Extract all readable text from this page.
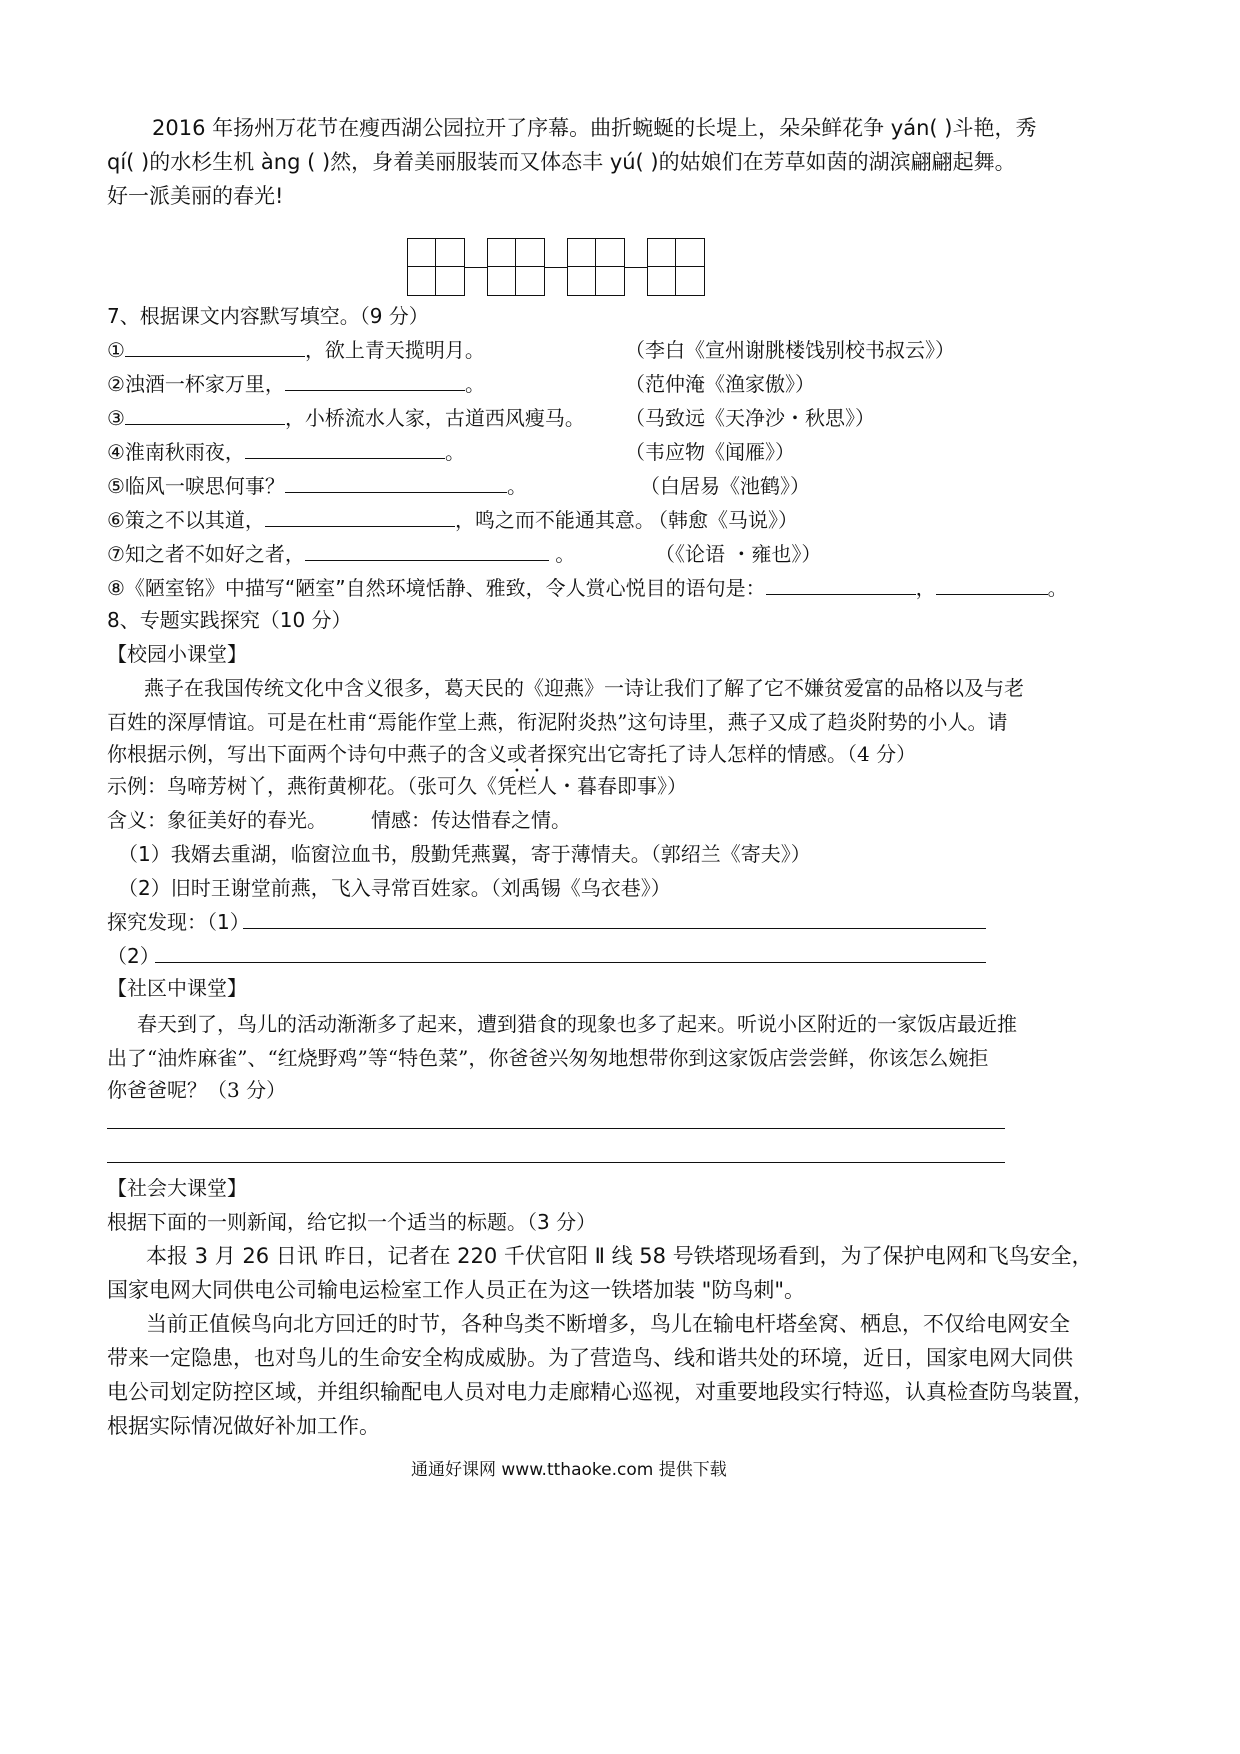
2016 年扬州万花节在瘦西湖公园拉开了序幕。曲折蜿蜒的长堤上，朵朵鲜花争 yán( )斗艳，秀
qí( )的水杉生机 àng ( )然，身着美丽服装而又体态丰 yú( )的姑娘们在芳草如茵的湖滨翩翩起舞。
好一派美丽的春光!
7、根据课文内容默写填空。（9 分）
①	，欲上青天揽明月。	（李白《宣州谢朓楼饯别校书叔云》）
②浊酒一杯家万里，	。	（范仲淹《渔家傲》）
③	，小桥流水人家，古道西风瘦马。 （马致远《天净沙・秋思》）
④淮南秋雨夜，	。	（韦应物《闻雁》）
⑤临风一唳思何事？	。	（白居易《池鹤》）
⑥策之不以其道，	，鸣之而不能通其意。
（韩愈《马说》）
⑦知之者不如好之者，	。	（《论语 ・雍也》）
⑧《陋室铭》中描写“陋室”自然环境恬静、雅致，令人赏心悦目的语句是：	，	。
8、专题实践探究（10 分）
【校园小课堂】
燕子在我国传统文化中含义很多，葛天民的《迎燕》一诗让我们了解了它不嫌贫爱富的品格以及与老
百姓的深厚情谊。可是在杜甫“焉能作堂上燕，衔泥附炎热”这句诗里，燕子又成了趋炎附势的小人。请
你根据示例，写出下面两个诗句中燕子的含义或者探究出它寄托了诗人怎样的情感。（4 分）
示例：鸟啼芳树丫，燕衔黄柳花。（张可久《凭栏人・暮春即事》）
含义：象征美好的春光。 情感：传达惜春之情。
（1）我婿去重湖，临窗泣血书，殷勤凭燕翼，寄于薄情夫。（郭绍兰《寄夫》）
（2）旧时王谢堂前燕，飞入寻常百姓家。（刘禹锡《乌衣巷》）
探究发现：（1）
（2）
【社区中课堂】
春天到了，鸟儿的活动渐渐多了起来，遭到猎食的现象也多了起来。听说小区附近的一家饭店最近推
出了“油炸麻雀”、“红烧野鸡”等“特色菜”，你爸爸兴匆匆地想带你到这家饭店尝尝鲜，你该怎么婉拒
你爸爸呢？（3 分）
【社会大课堂】
根据下面的一则新闻，给它拟一个适当的标题。（3 分）
本报 3 月 26 日讯 昨日，记者在 220 千伏官阳 Ⅱ 线 58 号铁塔现场看到，为了保护电网和飞鸟安全，
国家电网大同供电公司输电运检室工作人员正在为这一铁塔加装 "防鸟刺"。
当前正值候鸟向北方回迁的时节，各种鸟类不断增多，鸟儿在输电杆塔垒窝、栖息，不仅给电网安全
带来一定隐患，也对鸟儿的生命安全构成威胁。为了营造鸟、线和谐共处的环境，近日，国家电网大同供
电公司划定防控区域，并组织输配电人员对电力走廊精心巡视，对重要地段实行特巡，认真检查防鸟装置，
根据实际情况做好补加工作。
通通好课网 www.tthaoke.com 提供下载
